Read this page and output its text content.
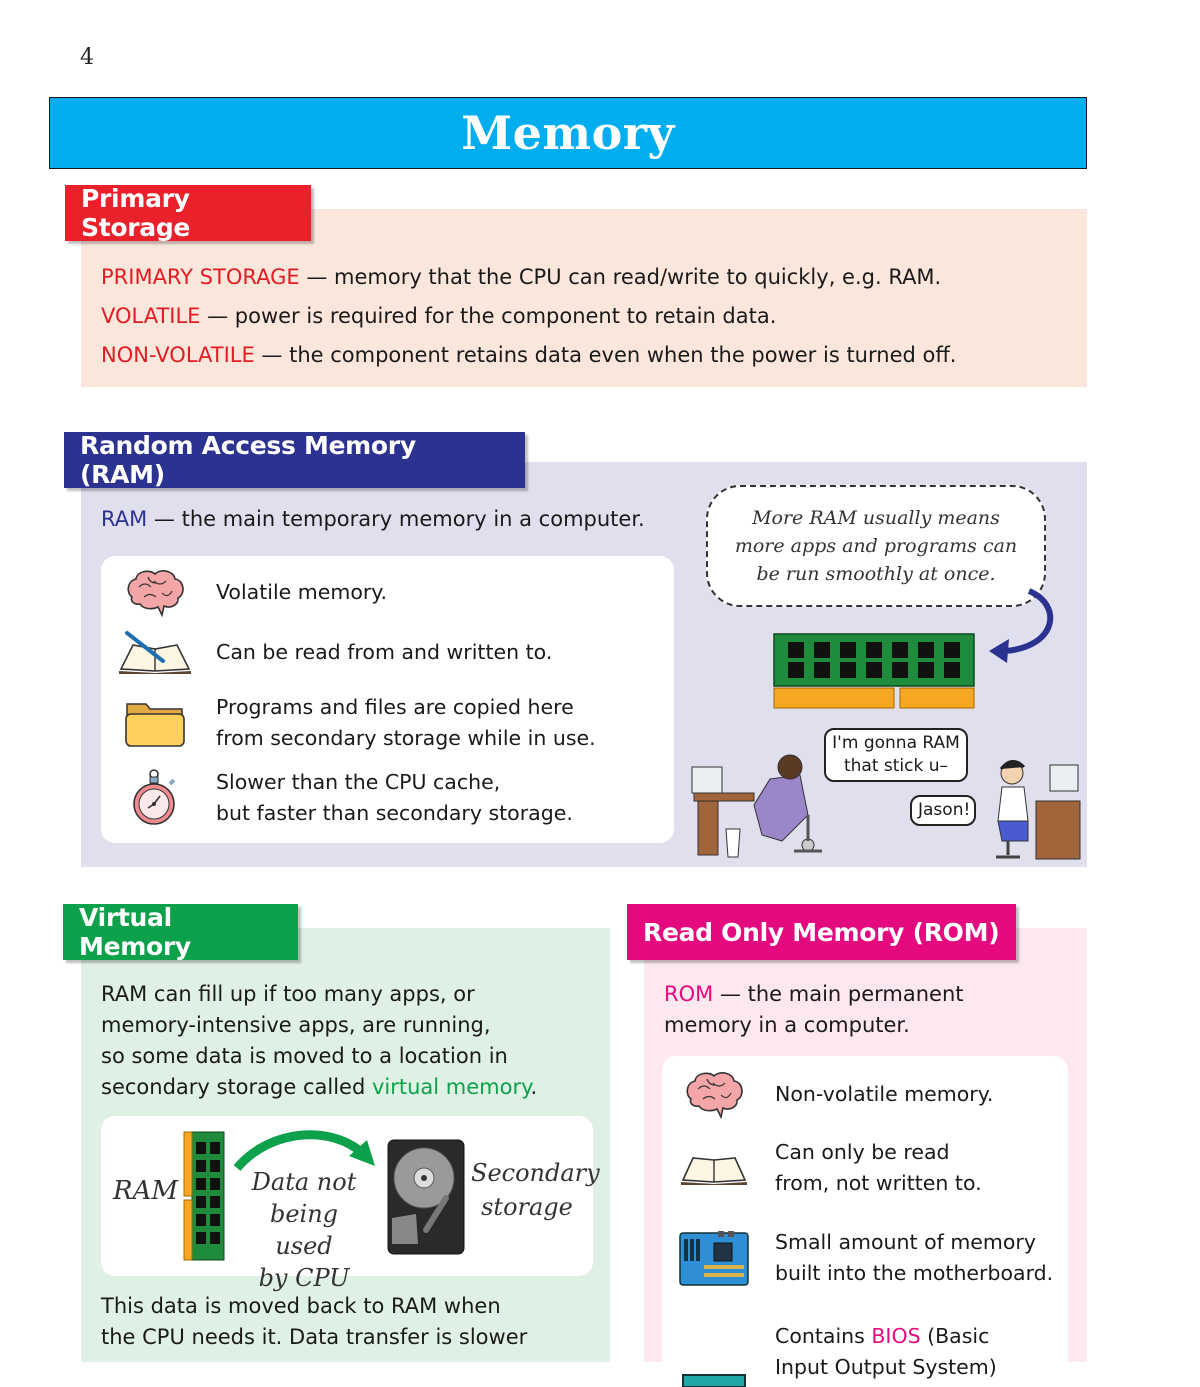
4
Memory
Primary Storage
PRIMARY STORAGE — memory that the CPU can read/write to quickly, e.g. RAM.
VOLATILE — power is required for the component to retain data.
NON-VOLATILE — the component retains data even when the power is turned off.
Random Access Memory (RAM)
RAM — the main temporary memory in a computer.
Volatile memory.
Can be read from and written to.
Programs and files are copied here
from secondary storage while in use.
Slower than the CPU cache,
but faster than secondary storage.
More RAM usually means
more apps and programs can
be run smoothly at once.
I'm gonna RAM
that stick u–
Jason!
Virtual Memory
RAM can fill up if too many apps, or
memory-intensive apps, are running,
so some data is moved to a location in
secondary storage called virtual memory.
RAM	Data not
being used
by CPU
Secondary
storage
This data is moved back to RAM when
the CPU needs it. Data transfer is slower
Read Only Memory (ROM)
ROM — the main permanent
memory in a computer.
Non-volatile memory.
Can only be read
from, not written to.
Small amount of memory
built into the motherboard.
Contains BIOS (Basic
Input Output System)
